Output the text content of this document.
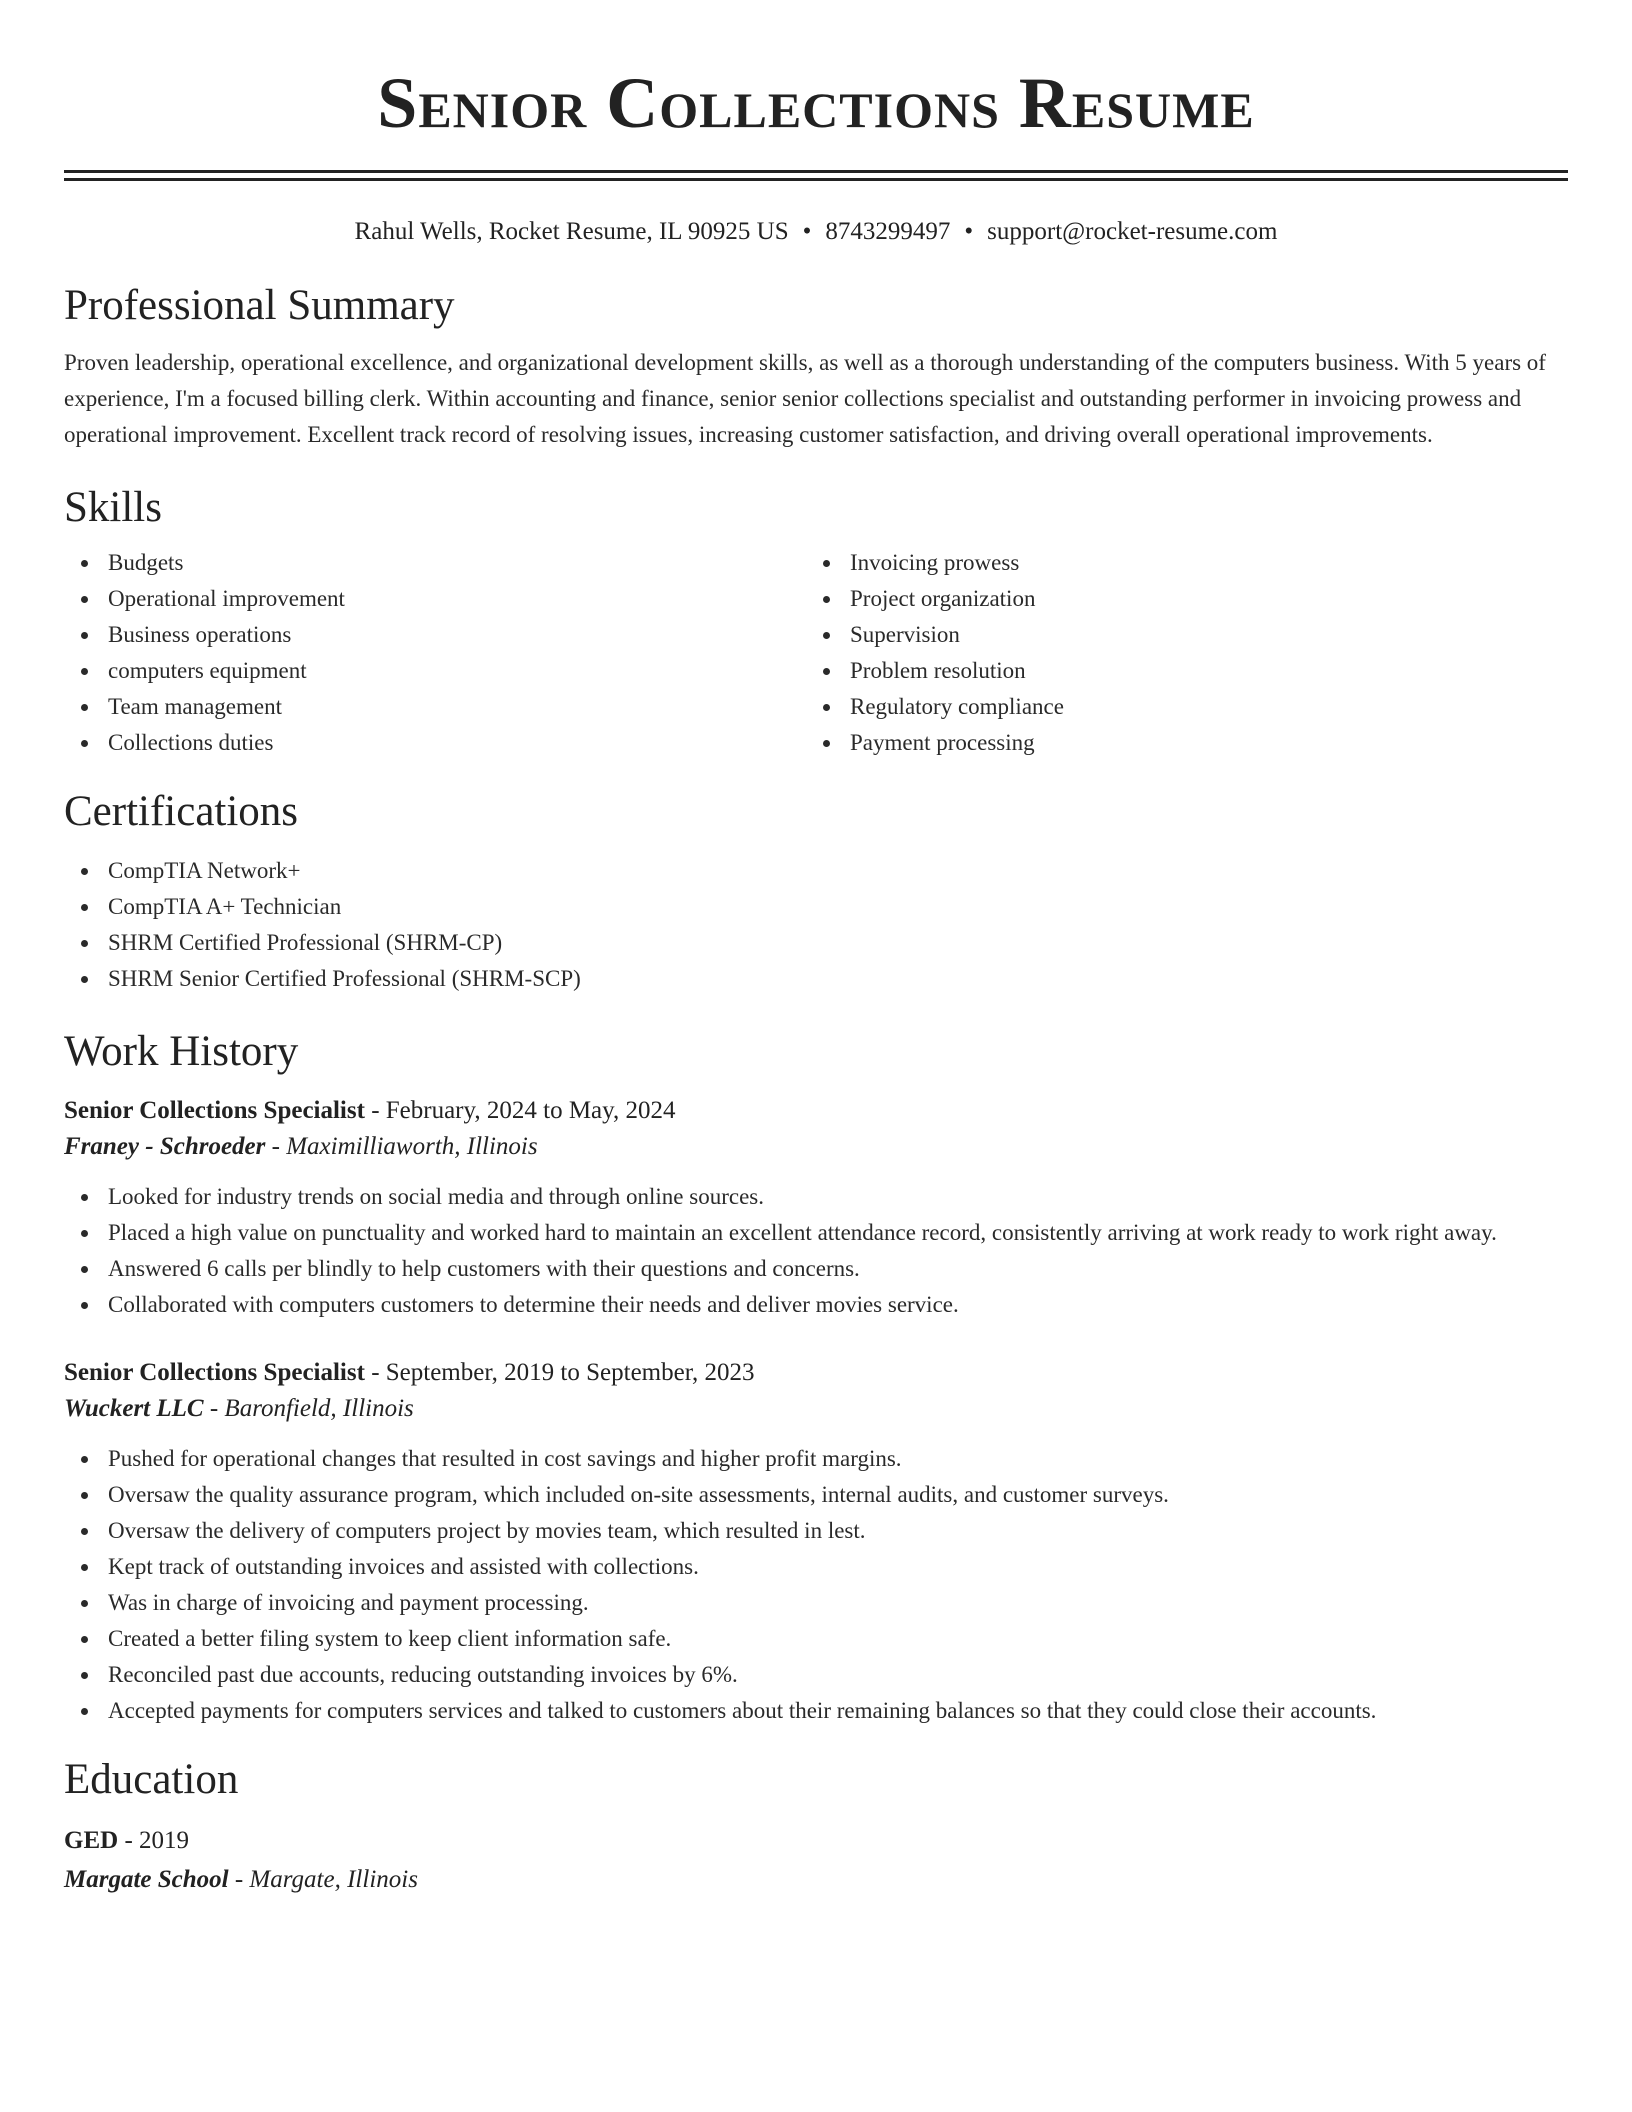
Senior Collections Resume
Rahul Wells, Rocket Resume, IL 90925 US • 8743299497 • support@rocket-resume.com
Professional Summary

Proven leadership, operational excellence, and organizational development skills, as well as a thorough understanding of the computers business. With 5 years of experience, I'm a focused billing clerk. Within accounting and finance, senior senior collections specialist and outstanding performer in invoicing prowess and operational improvement. Excellent track record of resolving issues, increasing customer satisfaction, and driving overall operational improvements.

Skills
Budgets
Operational improvement
Business operations
computers equipment
Team management
Collections duties
Invoicing prowess
Project organization
Supervision
Problem resolution
Regulatory compliance
Payment processing
Certifications
CompTIA Network+
CompTIA A+ Technician
SHRM Certified Professional (SHRM-CP)
SHRM Senior Certified Professional (SHRM-SCP)
Work History
Senior Collections Specialist - February, 2024 to May, 2024
Franey - Schroeder - Maximilliaworth, Illinois
Looked for industry trends on social media and through online sources.
Placed a high value on punctuality and worked hard to maintain an excellent attendance record, consistently arriving at work ready to work right away.
Answered 6 calls per blindly to help customers with their questions and concerns.
Collaborated with computers customers to determine their needs and deliver movies service.
Senior Collections Specialist - September, 2019 to September, 2023
Wuckert LLC - Baronfield, Illinois
Pushed for operational changes that resulted in cost savings and higher profit margins.
Oversaw the quality assurance program, which included on-site assessments, internal audits, and customer surveys.
Oversaw the delivery of computers project by movies team, which resulted in lest.
Kept track of outstanding invoices and assisted with collections.
Was in charge of invoicing and payment processing.
Created a better filing system to keep client information safe.
Reconciled past due accounts, reducing outstanding invoices by 6%.
Accepted payments for computers services and talked to customers about their remaining balances so that they could close their accounts.
Education
GED - 2019
Margate School - Margate, Illinois
